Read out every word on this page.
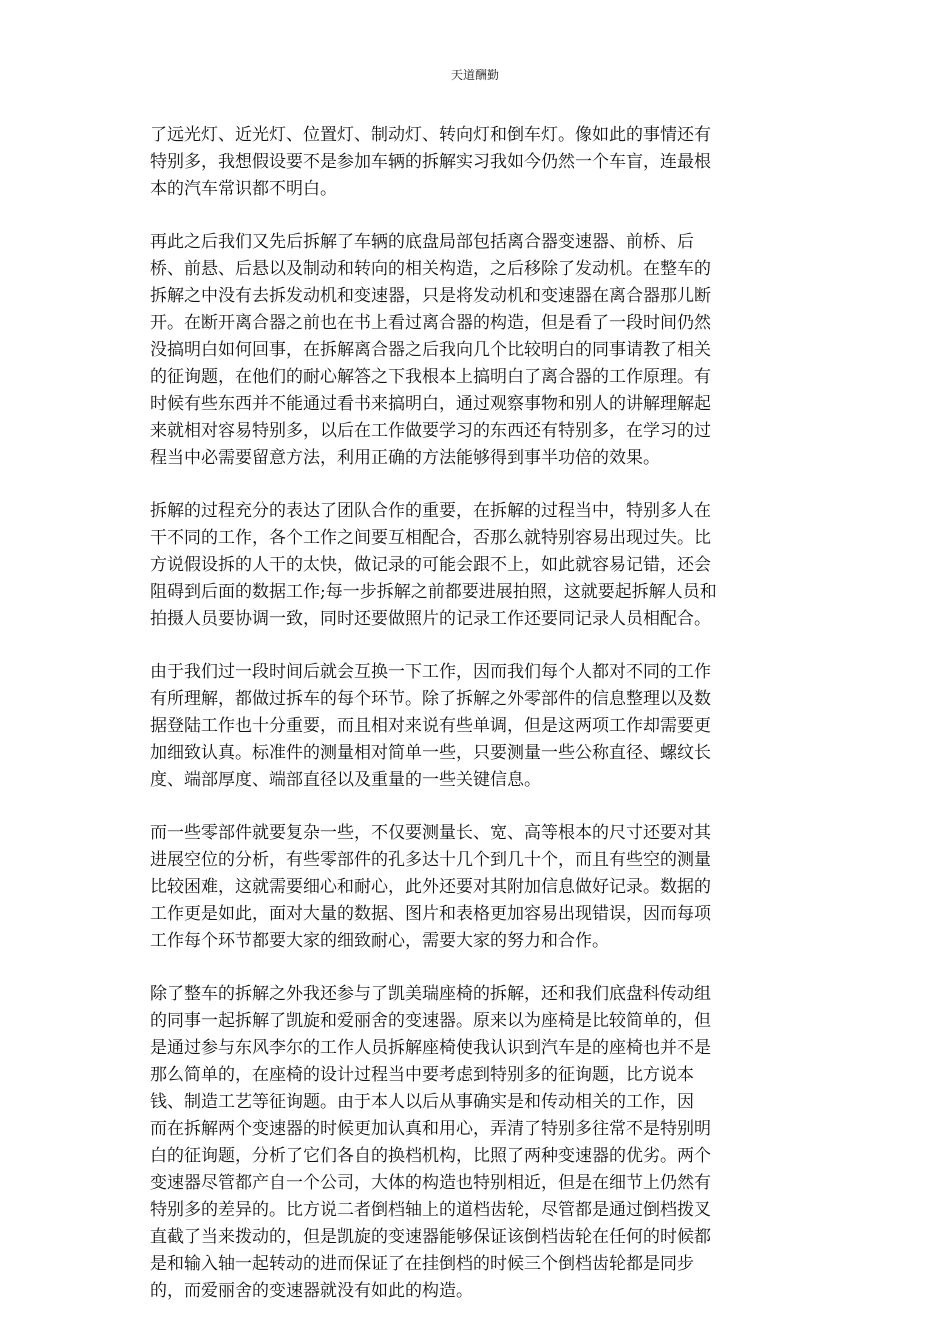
天道酬勤
了远光灯、近光灯、位置灯、制动灯、转向灯和倒车灯。像如此的事情还有
特别多，我想假设要不是参加车辆的拆解实习我如今仍然一个车盲，连最根
本的汽车常识都不明白。
再此之后我们又先后拆解了车辆的底盘局部包括离合器变速器、前桥、后
桥、前悬、后悬以及制动和转向的相关构造，之后移除了发动机。在整车的
拆解之中没有去拆发动机和变速器，只是将发动机和变速器在离合器那儿断
开。在断开离合器之前也在书上看过离合器的构造，但是看了一段时间仍然
没搞明白如何回事，在拆解离合器之后我向几个比较明白的同事请教了相关
的征询题，在他们的耐心解答之下我根本上搞明白了离合器的工作原理。有
时候有些东西并不能通过看书来搞明白，通过观察事物和别人的讲解理解起
来就相对容易特别多，以后在工作做要学习的东西还有特别多，在学习的过
程当中必需要留意方法，利用正确的方法能够得到事半功倍的效果。
拆解的过程充分的表达了团队合作的重要，在拆解的过程当中，特别多人在
干不同的工作，各个工作之间要互相配合，否那么就特别容易出现过失。比
方说假设拆的人干的太快，做记录的可能会跟不上，如此就容易记错，还会
阻碍到后面的数据工作;每一步拆解之前都要进展拍照，这就要起拆解人员和
拍摄人员要协调一致，同时还要做照片的记录工作还要同记录人员相配合。
由于我们过一段时间后就会互换一下工作，因而我们每个人都对不同的工作
有所理解，都做过拆车的每个环节。除了拆解之外零部件的信息整理以及数
据登陆工作也十分重要，而且相对来说有些单调，但是这两项工作却需要更
加细致认真。标准件的测量相对简单一些，只要测量一些公称直径、螺纹长
度、端部厚度、端部直径以及重量的一些关键信息。
而一些零部件就要复杂一些，不仅要测量长、宽、高等根本的尺寸还要对其
进展空位的分析，有些零部件的孔多达十几个到几十个，而且有些空的测量
比较困难，这就需要细心和耐心，此外还要对其附加信息做好记录。数据的
工作更是如此，面对大量的数据、图片和表格更加容易出现错误，因而每项
工作每个环节都要大家的细致耐心，需要大家的努力和合作。
除了整车的拆解之外我还参与了凯美瑞座椅的拆解，还和我们底盘科传动组
的同事一起拆解了凯旋和爱丽舍的变速器。原来以为座椅是比较简单的，但
是通过参与东风李尔的工作人员拆解座椅使我认识到汽车是的座椅也并不是
那么简单的，在座椅的设计过程当中要考虑到特别多的征询题，比方说本
钱、制造工艺等征询题。由于本人以后从事确实是和传动相关的工作，因
而在拆解两个变速器的时候更加认真和用心，弄清了特别多往常不是特别明
白的征询题，分析了它们各自的换档机构，比照了两种变速器的优劣。两个
变速器尽管都产自一个公司，大体的构造也特别相近，但是在细节上仍然有
特别多的差异的。比方说二者倒档轴上的道档齿轮，尽管都是通过倒档拨叉
直截了当来拨动的，但是凯旋的变速器能够保证该倒档齿轮在任何的时候都
是和输入轴一起转动的进而保证了在挂倒档的时候三个倒档齿轮都是同步
的，而爱丽舍的变速器就没有如此的构造。
